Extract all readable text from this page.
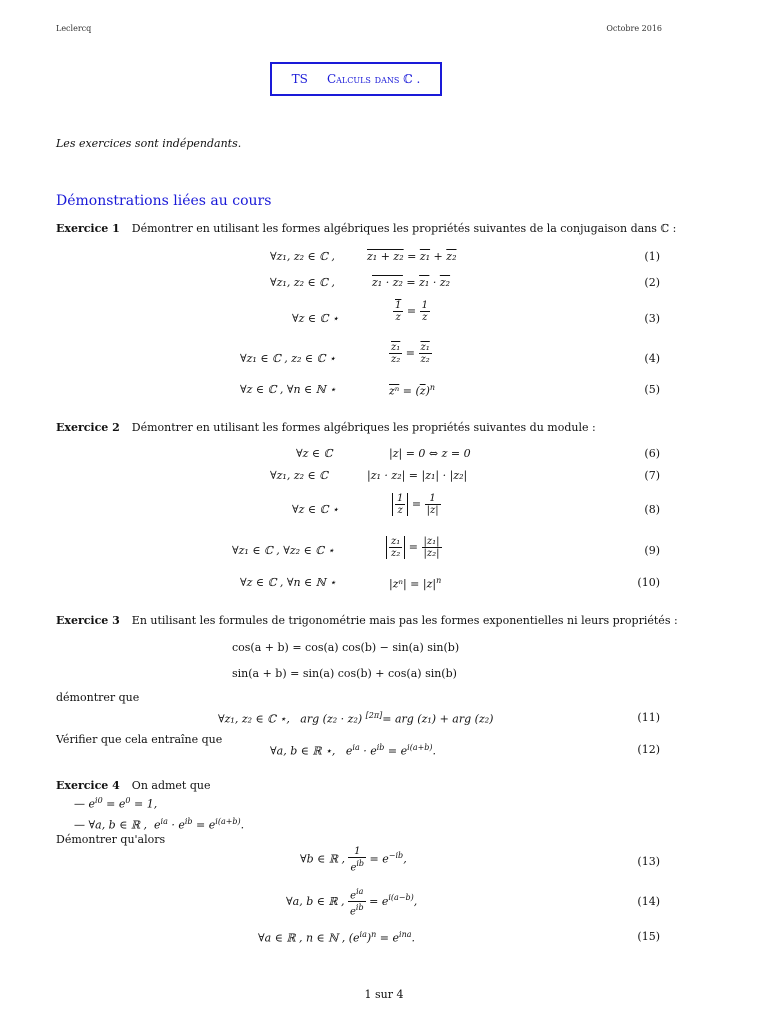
Leclercq	Octobre 2016
TS Calculs dans ℂ .
Les exercices sont indépendants.
Démonstrations liées au cours
Exercice 1 Démontrer en utilisant les formes algébriques les propriétés suivantes de la conjugaison dans ℂ :
∀z₁, z₂ ∈ ℂ ,	z₁ + z₂ = z₁ + z₂	(1)
∀z₁, z₂ ∈ ℂ ,	z₁ · z₂ = z₁ · z₂	(2)
∀z ∈ ℂ ⋆	$\frac{1}{z} = \frac{1}{z}$	(3)
∀z₁ ∈ ℂ , z₂ ∈ ℂ ⋆	$\frac{\text{z₁}}{\text{z₂}} = \frac{\text{z₁}}{\text{z₂}}$	(4)
∀z ∈ ℂ , ∀n ∈ ℕ ⋆	$\overline{z^n} = (\overline{z})^n$	(5)
Exercice 2 Démontrer en utilisant les formes algébriques les propriétés suivantes du module :
∀z ∈ ℂ	|z| = 0 ⇔ z = 0	(6)
∀z₁, z₂ ∈ ℂ	|z₁ · z₂| = |z₁| · |z₂|	(7)
∀z ∈ ℂ ⋆	$\frac{1}{z} = \frac{1}{|z|}$	(8)
∀z₁ ∈ ℂ , ∀z₂ ∈ ℂ ⋆	$\frac{\text{z₁}}{\text{z₂}} = \frac{\text{|z₁|}}{\text{|z₂|}}$	(9)
∀z ∈ ℂ , ∀n ∈ ℕ ⋆	$|z^n| = |z|^n$	(10)
Exercice 3 En utilisant les formules de trigonométrie mais pas les formes exponentielles ni leurs propriétés :
cos(a + b) = cos(a) cos(b) − sin(a) sin(b)
sin(a + b) = sin(a) cos(b) + cos(a) sin(b)
démontrer que
∀z₁, z₂ ∈ ℂ ⋆,   arg (z₂ · z₂) [2π]= arg (z₁) + arg (z₂)	(11)
Vérifier que cela entraîne que
∀a, b ∈ ℝ ⋆,   $e^{ia} \cdot e^{ib} = e^{i(a+b)}$.	(12)
Exercice 4 On admet que
— $e^{i0} = e^0 = 1$,
— ∀a, b ∈ ℝ ,  $e^{ia} \cdot e^{ib} = e^{i(a+b)}$.
Démontrer qu'alors
∀b ∈ ℝ , $\frac{1}{e^{ib}} = e^{-ib}$,	(13)
∀a, b ∈ ℝ , $\frac{e^{ia}}{e^{ib}} = e^{i(a-b)}$,	(14)
∀a ∈ ℝ , n ∈ ℕ , $(e^{ia})^n = e^{ina}$.	(15)
1 sur 4
